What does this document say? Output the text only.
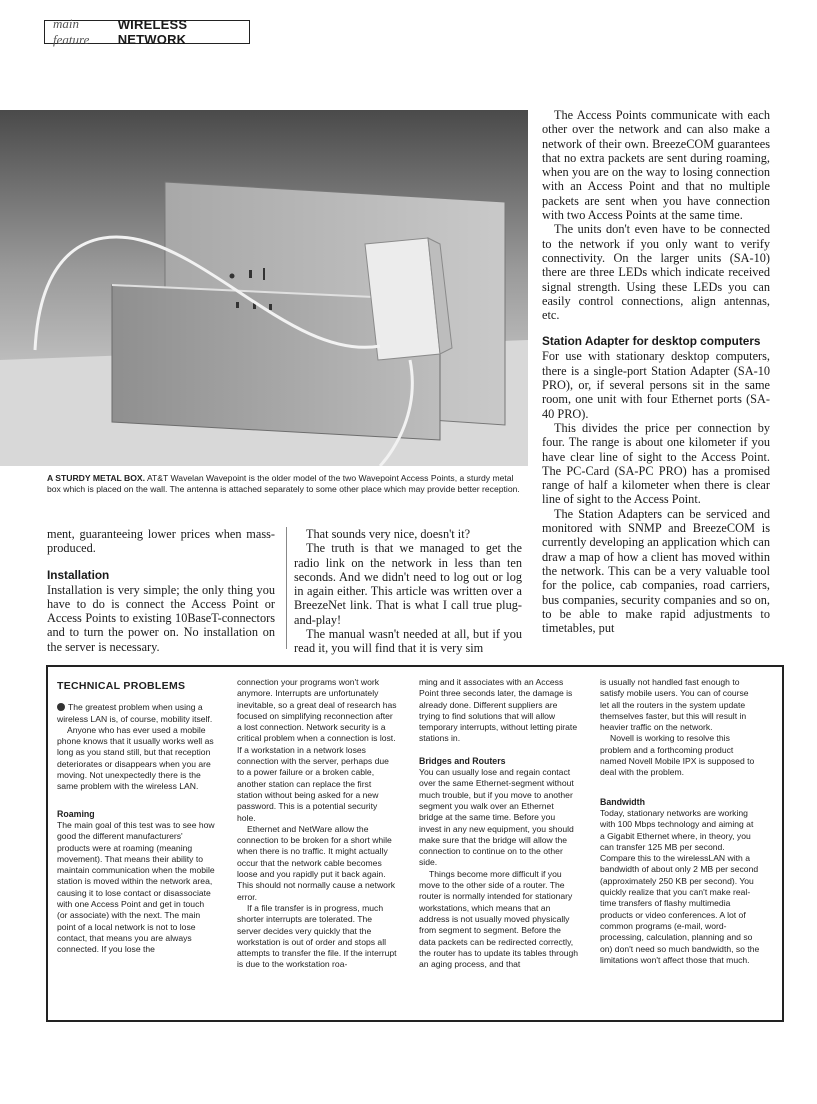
main feature
WIRELESS NETWORK
A STURDY METAL BOX. AT&T Wavelan Wavepoint is the older model of the two Wavepoint Access Points, a sturdy metal box which is placed on the wall. The antenna is attached separately to some other place which may provide better reception.

The Access Points communicate with each other over the network and can also make a network of their own. BreezeCOM guarantees that no extra packets are sent during roaming, when you are on the way to losing connection with an Access Point and that no multiple packets are sent when you have connection with two Access Points at the same time.

The units don't even have to be connected to the network if you only want to verify connectivity. On the larger units (SA-10) there are three LEDs which indicate received signal strength. Using these LEDs you can easily control connections, align antennas, etc.

Station Adapter for desktop computers

For use with stationary desktop computers, there is a single-port Station Adapter (SA-10 PRO), or, if several persons sit in the same room, one unit with four Ethernet ports (SA-40 PRO).

This divides the price per connection by four. The range is about one kilometer if you have clear line of sight to the Access Point. The PC-Card (SA-PC PRO) has a promised range of half a kilometer when there is clear line of sight to the Access Point.

The Station Adapters can be serviced and monitored with SNMP and BreezeCOM is currently developing an application which can draw a map of how a client has moved within the network. This can be a very valuable tool for the police, cab companies, road carriers, bus companies, security companies and so on, to be able to make rapid adjustments to timetables, put

ment, guaranteeing lower prices when mass-produced.

Installation

Installation is very simple; the only thing you have to do is connect the Access Point or Access Points to existing 10BaseT-connectors and to turn the power on. No installation on the server is necessary.

That sounds very nice, doesn't it?

The truth is that we managed to get the radio link on the network in less than ten seconds. And we didn't need to log out or log in again either. This article was written over a BreezeNet link. That is what I call true plug-and-play!

The manual wasn't needed at all, but if you read it, you will find that it is very sim

TECHNICAL PROBLEMS

The greatest problem when using a wireless LAN is, of course, mobility itself.

Anyone who has ever used a mobile phone knows that it usually works well as long as you stand still, but that reception deteriorates or disappears when you are moving. Not unexpectedly there is the same problem with the wireless LAN.

Roaming

The main goal of this test was to see how good the different manufacturers' products were at roaming (meaning movement). That means their ability to maintain communication when the mobile station is moved within the network area, causing it to lose contact or disassociate with one Access Point and get in touch (or associate) with the next. The main point of a local network is not to lose contact, that means you are always connected. If you lose the

connection your programs won't work anymore. Interrupts are unfortunately inevitable, so a great deal of research has focused on simplifying reconnection after a lost connection. Network security is a critical problem when a connection is lost. If a workstation in a network loses connection with the server, perhaps due to a power failure or a broken cable, another station can replace the first station without being asked for a new password. This is a potential security hole.

Ethernet and NetWare allow the connection to be broken for a short while when there is no traffic. It might actually occur that the network cable becomes loose and you rapidly put it back again. This should not normally cause a network error.

If a file transfer is in progress, much shorter interrupts are tolerated. The server decides very quickly that the workstation is out of order and stops all attempts to transfer the file. If the interrupt is due to the workstation roa-

ming and it associates with an Access Point three seconds later, the damage is already done. Different suppliers are trying to find solutions that will allow temporary interrupts, without letting pirate stations in.

Bridges and Routers

You can usually lose and regain contact over the same Ethernet-segment without much trouble, but if you move to another segment you walk over an Ethernet bridge at the same time. Before you invest in any new equipment, you should make sure that the bridge will allow the connection to continue on to the other side.

Things become more difficult if you move to the other side of a router. The router is normally intended for stationary workstations, which means that an address is not usually moved physically from segment to segment. Before the data packets can be redirected correctly, the router has to update its tables through an aging process, and that

is usually not handled fast enough to satisfy mobile users. You can of course let all the routers in the system update themselves faster, but this will result in heavier traffic on the network.

Novell is working to resolve this problem and a forthcoming product named Novell Mobile IPX is supposed to deal with the problem.

Bandwidth

Today, stationary networks are working with 100 Mbps technology and aiming at a Gigabit Ethernet where, in theory, you can transfer 125 MB per second. Compare this to the wirelessLAN with a bandwidth of about only 2 MB per second (approximately 250 KB per second). You quickly realize that you can't make real-time transfers of flashy multimedia products or video conferences. A lot of common programs (e-mail, word-processing, calculation, planning and so on) don't need so much bandwidth, so the limitations won't affect those that much.
